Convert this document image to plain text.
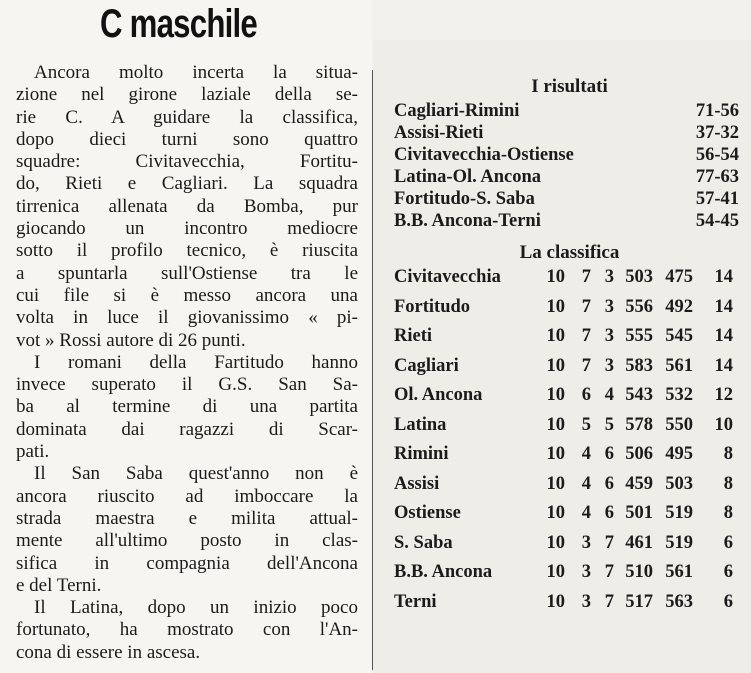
C maschile
Ancora molto incerta la situa-
zione nel girone laziale della se-
rie C. A guidare la classifica,
dopo dieci turni sono quattro
squadre: Civitavecchia, Fortitu-
do, Rieti e Cagliari. La squadra
tirrenica allenata da Bomba, pur
giocando un incontro mediocre
sotto il profilo tecnico, è riuscita
a spuntarla sull'Ostiense tra le
cui file si è messo ancora una
volta in luce il giovanissimo « pi-
vot » Rossi autore di 26 punti.
I romani della Fartitudo hanno
invece superato il G.S. San Sa-
ba al termine di una partita
dominata dai ragazzi di Scar-
pati.
Il San Saba quest'anno non è
ancora riuscito ad imboccare la
strada maestra e milita attual-
mente all'ultimo posto in clas-
sifica in compagnia dell'Ancona
e del Terni.
Il Latina, dopo un inizio poco
fortunato, ha mostrato con l'An-
cona di essere in ascesa.
I risultati
Cagliari-Rimini	71-56
Assisi-Rieti	37-32
Civitavecchia-Ostiense	56-54
Latina-Ol. Ancona	77-63
Fortitudo-S. Saba	57-41
B.B. Ancona-Terni	54-45
La classifica
Civitavecchia 10 7 3 503 475 14
Fortitudo	10 7 3 556 492 14
Rieti	10 7 3 555 545 14
Cagliari	10 7 3 583 561 14
Ol. Ancona	10 6 4 543 532 12
Latina	10 5 5 578 550 10
Rimini	10 4 6 506 495 8
Assisi	10 4 6 459 503 8
Ostiense	10 4 6 501 519 8
S. Saba	10 3 7 461 519 6
B.B. Ancona	10 3 7 510 561 6
Terni	10 3 7 517 563 6
